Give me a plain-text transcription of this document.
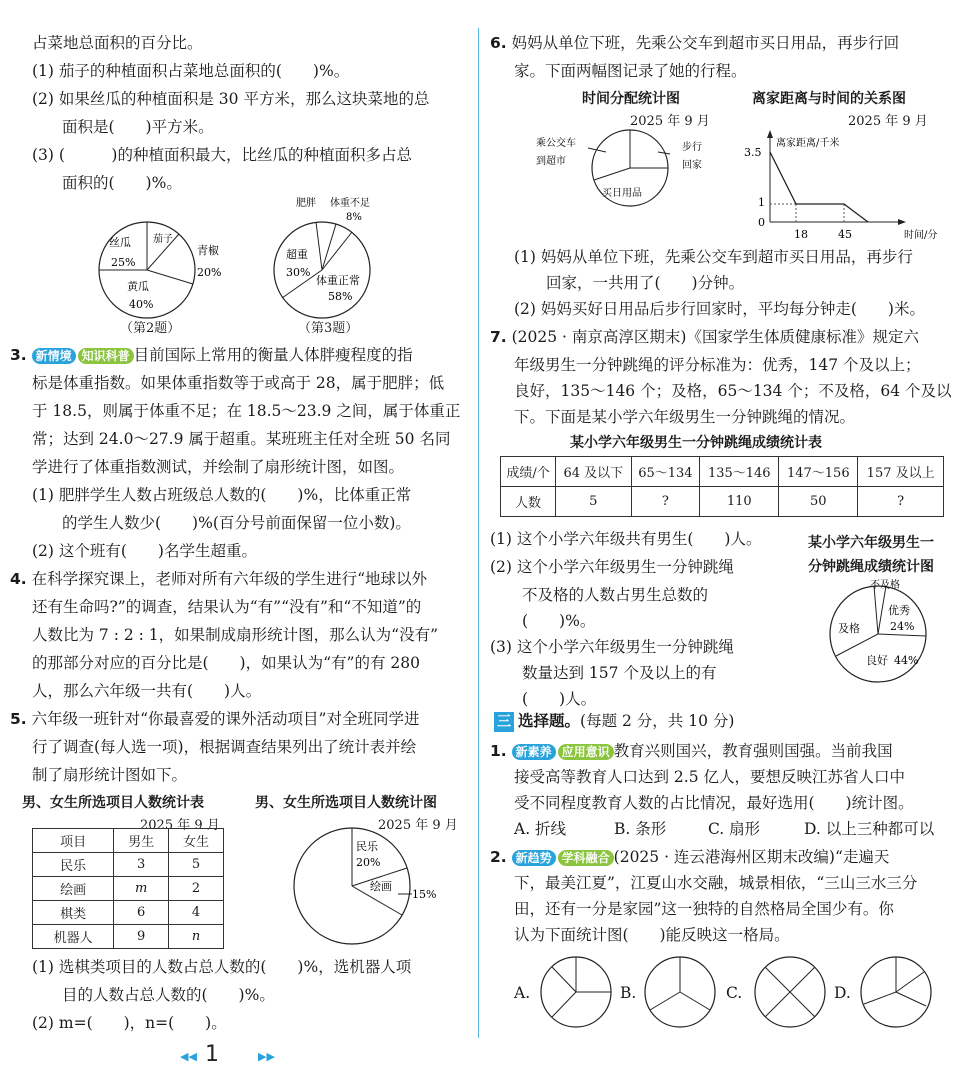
占菜地总面积的百分比。
(1) 茄子的种植面积占菜地总面积的(　　)%。
(2) 如果丝瓜的种植面积是 30 平方米，那么这块菜地的总
面积是(　　)平方米。
(3) (　　　)的种植面积最大，比丝瓜的种植面积多占总
面积的(　　)%。
丝瓜
25%
茄子
青椒
20%
黄瓜
40%
（第2题）
肥胖 体重不足
8%
超重
30%
体重正常
58%
（第3题）
3. 新情境 知识科普 目前国际上常用的衡量人体胖瘦程度的指
标是体重指数。如果体重指数等于或高于 28，属于肥胖；低
于 18.5，则属于体重不足；在 18.5～23.9 之间，属于体重正
常；达到 24.0～27.9 属于超重。某班班主任对全班 50 名同
学进行了体重指数测试，并绘制了扇形统计图，如图。
(1) 肥胖学生人数占班级总人数的(　　)%，比体重正常
的学生人数少(　　)%(百分号前面保留一位小数)。
(2) 这个班有(　　)名学生超重。
4. 在科学探究课上，老师对所有六年级的学生进行“地球以外
还有生命吗?”的调查，结果认为“有”“没有”和“不知道”的
人数比为 7 : 2 : 1，如果制成扇形统计图，那么认为“没有”
的那部分对应的百分比是(　　)，如果认为“有”的有 280
人，那么六年级一共有(　　)人。
5. 六年级一班针对“你最喜爱的课外活动项目”对全班同学进
行了调查(每人选一项)，根据调查结果列出了统计表并绘
制了扇形统计图如下。
男、女生所选项目人数统计表	男、女生所选项目人数统计图
2025 年 9 月	2025 年 9 月
项目	男生	女生
民乐	3	5
绘画	m	2
棋类	6	4
机器人	9	n
民乐
20%
绘画
15%
(1) 选棋类项目的人数占总人数的(　　)%，选机器人项
目的人数占总人数的(　　)%。
(2) m=(　　)，n=(　　)。
◀◀ 1	▶▶
6. 妈妈从单位下班，先乘公交车到超市买日用品，再步行回
家。下面两幅图记录了她的行程。
时间分配统计图	离家距离与时间的关系图
2025 年 9 月	2025 年 9 月
乘公交车
到超市
步行
回家
买日用品
离家距离/千米
时间/分
3.5
1
0
18	45
(1) 妈妈从单位下班，先乘公交车到超市买日用品，再步行
回家，一共用了(　　)分钟。
(2) 妈妈买好日用品后步行回家时，平均每分钟走(　　)米。
7. (2025 · 南京高淳区期末)《国家学生体质健康标准》规定六
年级男生一分钟跳绳的评分标准为：优秀，147 个及以上；
良好，135～146 个；及格，65～134 个；不及格，64 个及以
下。下面是某小学六年级男生一分钟跳绳的情况。
某小学六年级男生一分钟跳绳成绩统计表
成绩/个	64 及以下	65～134	135～146	147～156	157 及以上
人数	5	?	110	50	?
(1) 这个小学六年级共有男生(　　)人。
(2) 这个小学六年级男生一分钟跳绳
不及格的人数占男生总数的
(　　)%。
(3) 这个小学六年级男生一分钟跳绳
数量达到 157 个及以上的有
(　　)人。
某小学六年级男生一
分钟跳绳成绩统计图
不及格
优秀
24%
及格
良好 44%
三 选择题。(每题 2 分，共 10 分)
1. 新素养 应用意识 教育兴则国兴，教育强则国强。当前我国
接受高等教育人口达到 2.5 亿人，要想反映江苏省人口中
受不同程度教育人数的占比情况，最好选用(　　)统计图。
A. 折线	B. 条形	C. 扇形	D. 以上三种都可以
2. 新趋势 学科融合 (2025 · 连云港海州区期末改编)“走遍天
下，最美江夏”，江夏山水交融，城景相依，“三山三水三分
田，还有一分是家园”这一独特的自然格局全国少有。你
认为下面统计图(　　)能反映这一格局。
A.	B.	C.	D.
